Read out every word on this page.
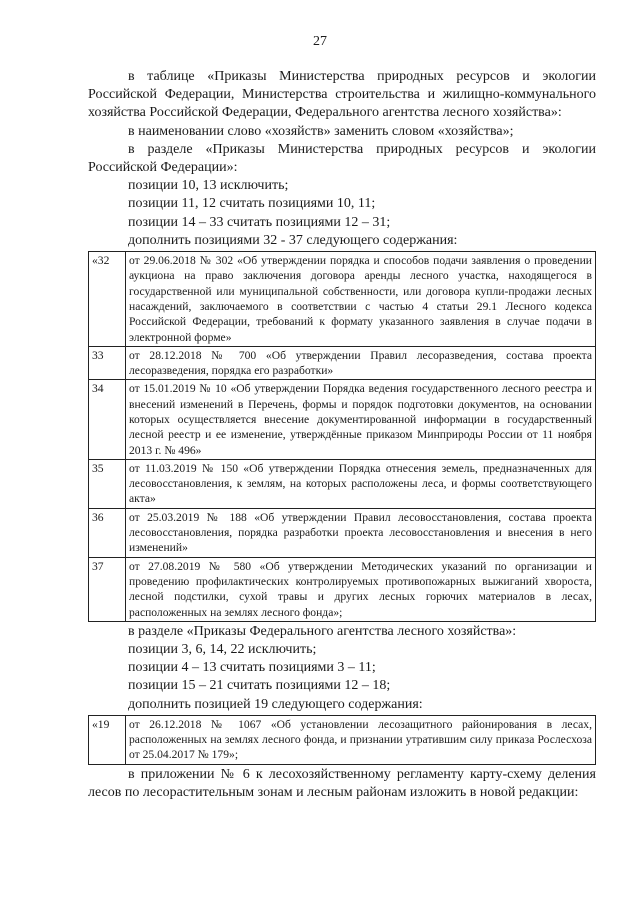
27

в таблице «Приказы Министерства природных ресурсов и экологии Российской Федерации, Министерства строительства и жилищно-коммунального хозяйства Российской Федерации, Федерального агентства лесного хозяйства»:

в наименовании слово «хозяйств» заменить словом «хозяйства»;

в разделе «Приказы Министерства природных ресурсов и экологии Российской Федерации»:

позиции 10, 13 исключить;

позиции 11, 12 считать позициями 10, 11;

позиции 14 – 33 считать позициями 12 – 31;

дополнить позициями 32 - 37 следующего содержания:

«32	от 29.06.2018 № 302 «Об утверждении порядка и способов подачи заявления о проведении аукциона на право заключения договора аренды лесного участка, находящегося в государственной или муниципальной собственности, или договора купли-продажи лесных насаждений, заключаемого в соответствии с частью 4 статьи 29.1 Лесного кодекса Российской Федерации, требований к формату указанного заявления в случае подачи в электронной форме»
33	от 28.12.2018 № 700 «Об утверждении Правил лесоразведения, состава проекта лесоразведения, порядка его разработки»
34	от 15.01.2019 № 10 «Об утверждении Порядка ведения государственного лесного реестра и внесений изменений в Перечень, формы и порядок подготовки документов, на основании которых осуществляется внесение документированной информации в государственный лесной реестр и ее изменение, утверждённые приказом Минприроды России от 11 ноября 2013 г. № 496»
35	от 11.03.2019 № 150 «Об утверждении Порядка отнесения земель, предназначенных для лесовосстановления, к землям, на которых расположены леса, и формы соответствующего акта»
36	от 25.03.2019 № 188 «Об утверждении Правил лесовосстановления, состава проекта лесовосстановления, порядка разработки проекта лесовосстановления и внесения в него изменений»
37	от 27.08.2019 № 580 «Об утверждении Методических указаний по организации и проведению профилактических контролируемых противопожарных выжиганий хвороста, лесной подстилки, сухой травы и других лесных горючих материалов в лесах, расположенных на землях лесного фонда»;

в разделе «Приказы Федерального агентства лесного хозяйства»:

позиции 3, 6, 14, 22 исключить;

позиции 4 – 13 считать позициями 3 – 11;

позиции 15 – 21 считать позициями 12 – 18;

дополнить позицией 19 следующего содержания:

«19	от 26.12.2018 № 1067 «Об установлении лесозащитного районирования в лесах, расположенных на землях лесного фонда, и признании утратившим силу приказа Рослесхоза от 25.04.2017 № 179»;

в приложении № 6 к лесохозяйственному регламенту карту-схему деления лесов по лесорастительным зонам и лесным районам изложить в новой редакции:
